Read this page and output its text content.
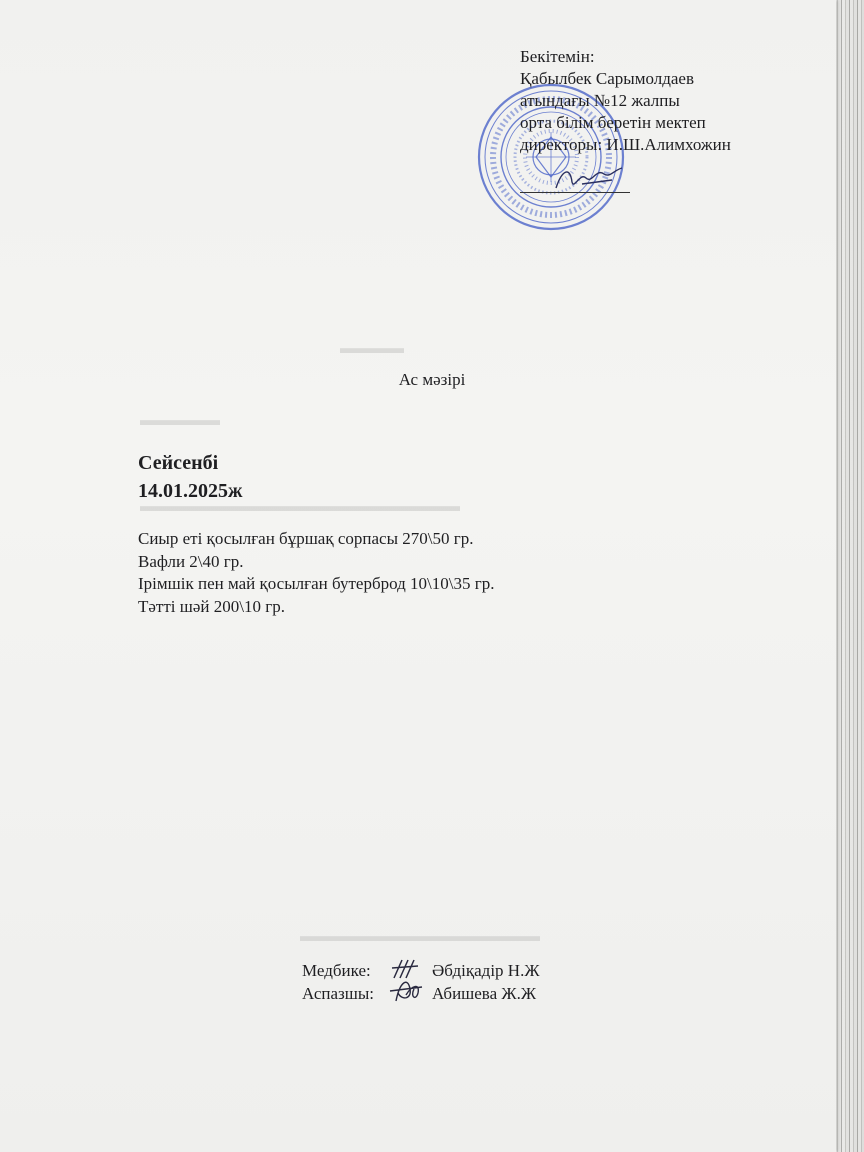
▬▬▬▬
▬▬▬▬▬
▬▬▬▬▬▬▬▬▬▬▬▬▬▬▬▬▬▬▬▬
▬▬▬▬▬▬▬▬▬▬▬▬▬▬▬
Бекітемін:
Қабылбек Сарымолдаев
атындағы №12 жалпы
орта білім беретін мектеп
директоры: И.Ш.Алимхожин
Ас мәзірі
Сейсенбі
14.01.2025ж
Сиыр еті қосылған бұршақ сорпасы 270\50 гр.
Вафли 2\40 гр.
Ірімшік пен май қосылған бутерброд 10\10\35 гр.
Тәтті шәй 200\10 гр.
Медбике:	Әбдіқадір Н.Ж
Аспазшы:	Абишева Ж.Ж
